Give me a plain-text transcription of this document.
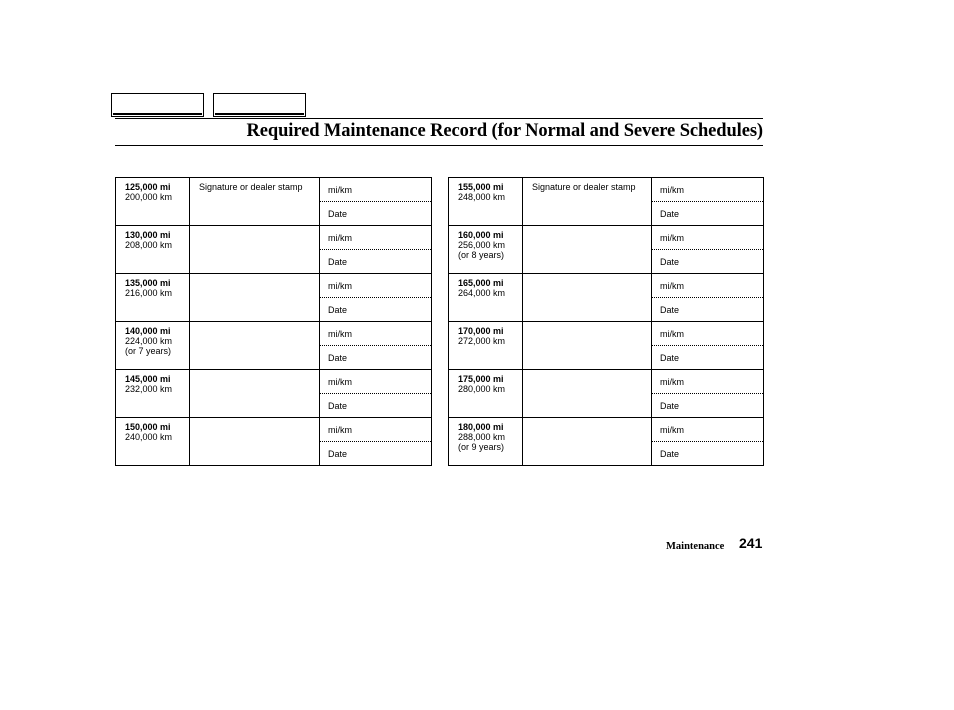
Required Maintenance Record (for Normal and Severe Schedules)
125,000 mi
200,000 km	Signature or dealer stamp	mi/km
		Date

130,000 mi
208,000 km		mi/km
		Date

135,000 mi
216,000 km		mi/km
		Date

140,000 mi
224,000 km
(or 7 years)		mi/km
		Date

145,000 mi
232,000 km		mi/km
		Date

150,000 mi
240,000 km		mi/km
		Date
155,000 mi
248,000 km	Signature or dealer stamp	mi/km
		Date

160,000 mi
256,000 km
(or 8 years)		mi/km
		Date

165,000 mi
264,000 km		mi/km
		Date

170,000 mi
272,000 km		mi/km
		Date

175,000 mi
280,000 km		mi/km
		Date

180,000 mi
288,000 km
(or 9 years)		mi/km
		Date
Maintenance 241
